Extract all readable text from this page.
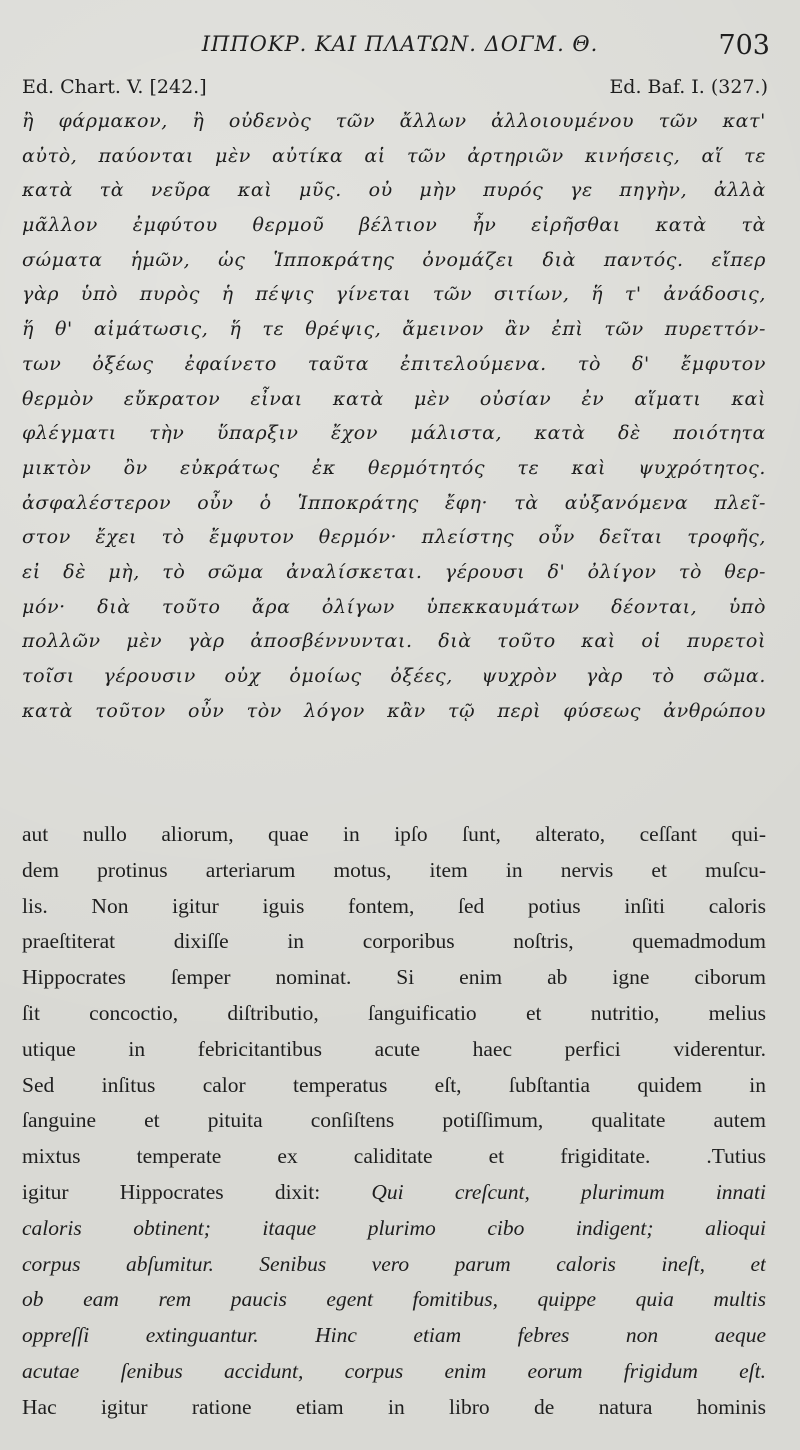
ΙΠΠΟΚΡ. ΚΑΙ ΠΛΑΤΩΝ. ΔΟΓΜ. Θ.	703
Ed. Chart. V. [242.]	Ed. Baf. I. (327.)
ἢ φάρμακον, ἢ οὐδενὸς τῶν ἄλλων ἀλλοιουμένου τῶν κατ'
αὐτὸ, παύονται μὲν αὐτίκα αἱ τῶν ἀρτηριῶν κινήσεις, αἵ τε
κατὰ τὰ νεῦρα καὶ μῦς. οὐ μὴν πυρός γε πηγὴν, ἀλλὰ
μᾶλλον ἐμφύτου θερμοῦ βέλτιον ἦν εἰρῆσθαι κατὰ τὰ
σώματα ἡμῶν, ὡς Ἱπποκράτης ὀνομάζει διὰ παντός. εἴπερ
γὰρ ὑπὸ πυρὸς ἡ πέψις γίνεται τῶν σιτίων, ἥ τ' ἀνάδοσις,
ἥ θ' αἱμάτωσις, ἥ τε θρέψις, ἄμεινον ἂν ἐπὶ τῶν πυρεττόν-
των ὀξέως ἐφαίνετο ταῦτα ἐπιτελούμενα. τὸ δ' ἔμφυτον
θερμὸν εὔκρατον εἶναι κατὰ μὲν οὐσίαν ἐν αἵματι καὶ
φλέγματι τὴν ὕπαρξιν ἔχον μάλιστα, κατὰ δὲ ποιότητα
μικτὸν ὂν εὐκράτως ἐκ θερμότητός τε καὶ ψυχρότητος.
ἀσφαλέστερον οὖν ὁ Ἱπποκράτης ἔφη· τὰ αὐξανόμενα πλεῖ-
στον ἔχει τὸ ἔμφυτον θερμόν· πλείστης οὖν δεῖται τροφῆς,
εἰ δὲ μὴ, τὸ σῶμα ἀναλίσκεται. γέρουσι δ' ὀλίγον τὸ θερ-
μόν· διὰ τοῦτο ἄρα ὀλίγων ὑπεκκαυμάτων δέονται, ὑπὸ
πολλῶν μὲν γὰρ ἀποσβέννυνται. διὰ τοῦτο καὶ οἱ πυρετοὶ
τοῖσι γέρουσιν οὐχ ὁμοίως ὀξέες, ψυχρὸν γὰρ τὸ σῶμα.
κατὰ τοῦτον οὖν τὸν λόγον κἂν τῷ περὶ φύσεως ἀνθρώπου
aut nullo aliorum, quae in ipſo ſunt, alterato, ceſſant qui-
dem protinus arteriarum motus, item in nervis et muſcu-
lis. Non igitur iguis fontem, ſed potius inſiti caloris
praeſtiterat dixiſſe in corporibus noſtris, quemadmodum
Hippocrates ſemper nominat. Si enim ab igne ciborum
ſit concoctio, diſtributio, ſanguificatio et nutritio, melius
utique in febricitantibus acute haec perfici viderentur.
Sed inſitus calor temperatus eſt, ſubſtantia quidem in
ſanguine et pituita conſiſtens potiſſimum, qualitate autem
mixtus temperate ex caliditate et frigiditate. .Tutius
igitur Hippocrates dixit: Qui creſcunt, plurimum innati
caloris obtinent; itaque plurimo cibo indigent; alioqui
corpus abſumitur. Senibus vero parum caloris ineſt, et
ob eam rem paucis egent fomitibus, quippe quia multis
oppreſſi extinguantur. Hinc etiam febres non aeque
acutae ſenibus accidunt, corpus enim eorum frigidum eſt.
Hac igitur ratione etiam in libro de natura hominis
